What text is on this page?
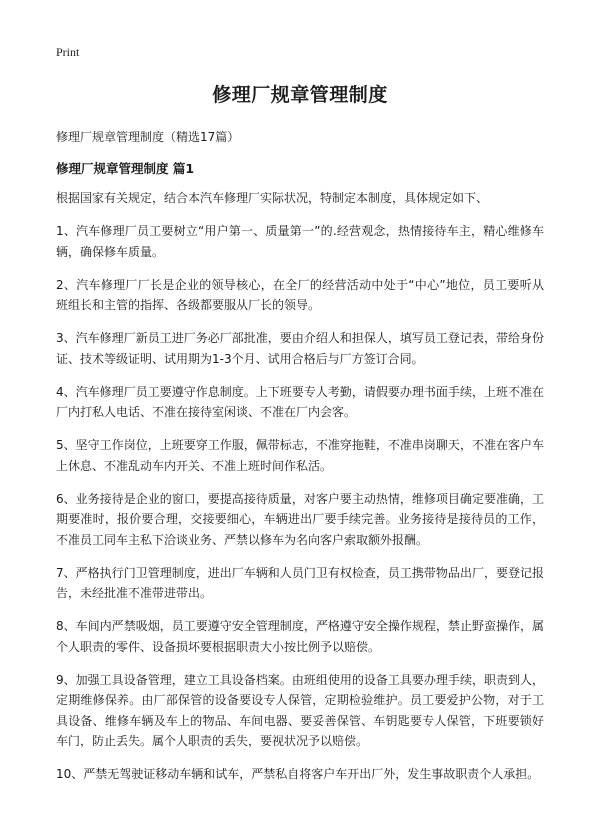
Print
修理厂规章管理制度
修理厂规章管理制度（精选17篇）
修理厂规章管理制度 篇1

根据国家有关规定，结合本汽车修理厂实际状况，特制定本制度，具体规定如下、

1、汽车修理厂员工要树立“用户第一、质量第一”的.经营观念，热情接待车主，精心维修车辆，确保修车质量。

2、汽车修理厂厂长是企业的领导核心，在全厂的经营活动中处于“中心”地位，员工要听从班组长和主管的指挥、各级都要服从厂长的领导。

3、汽车修理厂新员工进厂务必厂部批准，要由介绍人和担保人，填写员工登记表，带给身份证、技术等级证明、试用期为1-3个月、试用合格后与厂方签订合同。

4、汽车修理厂员工要遵守作息制度。上下班要专人考勤，请假要办理书面手续，上班不准在厂内打私人电话、不准在接待室闲谈、不准在厂内会客。

5、坚守工作岗位，上班要穿工作服，佩带标志，不准穿拖鞋，不准串岗聊天，不准在客户车上休息、不准乱动车内开关、不准上班时间作私活。

6、业务接待是企业的窗口，要提高接待质量，对客户要主动热情，维修项目确定要准确，工期要准时，报价要合理，交接要细心，车辆进出厂要手续完善。业务接待是接待员的工作，不准员工同车主私下洽谈业务、严禁以修车为名向客户索取额外报酬。

7、严格执行门卫管理制度，进出厂车辆和人员门卫有权检查，员工携带物品出厂，要登记报告，未经批准不准带进带出。

8、车间内严禁吸烟，员工要遵守安全管理制度，严格遵守安全操作规程，禁止野蛮操作，属个人职责的零件、设备损坏要根据职责大小按比例予以赔偿。

9、加强工具设备管理，建立工具设备档案。由班组使用的设备工具要办理手续，职责到人，定期维修保养。由厂部保管的设备要设专人保管，定期检验维护。员工要爱护公物，对于工具设备、维修车辆及车上的物品、车间电器、要妥善保管、车钥匙要专人保管，下班要锁好车门，防止丢失。属个人职责的丢失，要视状况予以赔偿。

10、严禁无驾驶证移动车辆和试车，严禁私自将客户车开出厂外，发生事故职责个人承担。
